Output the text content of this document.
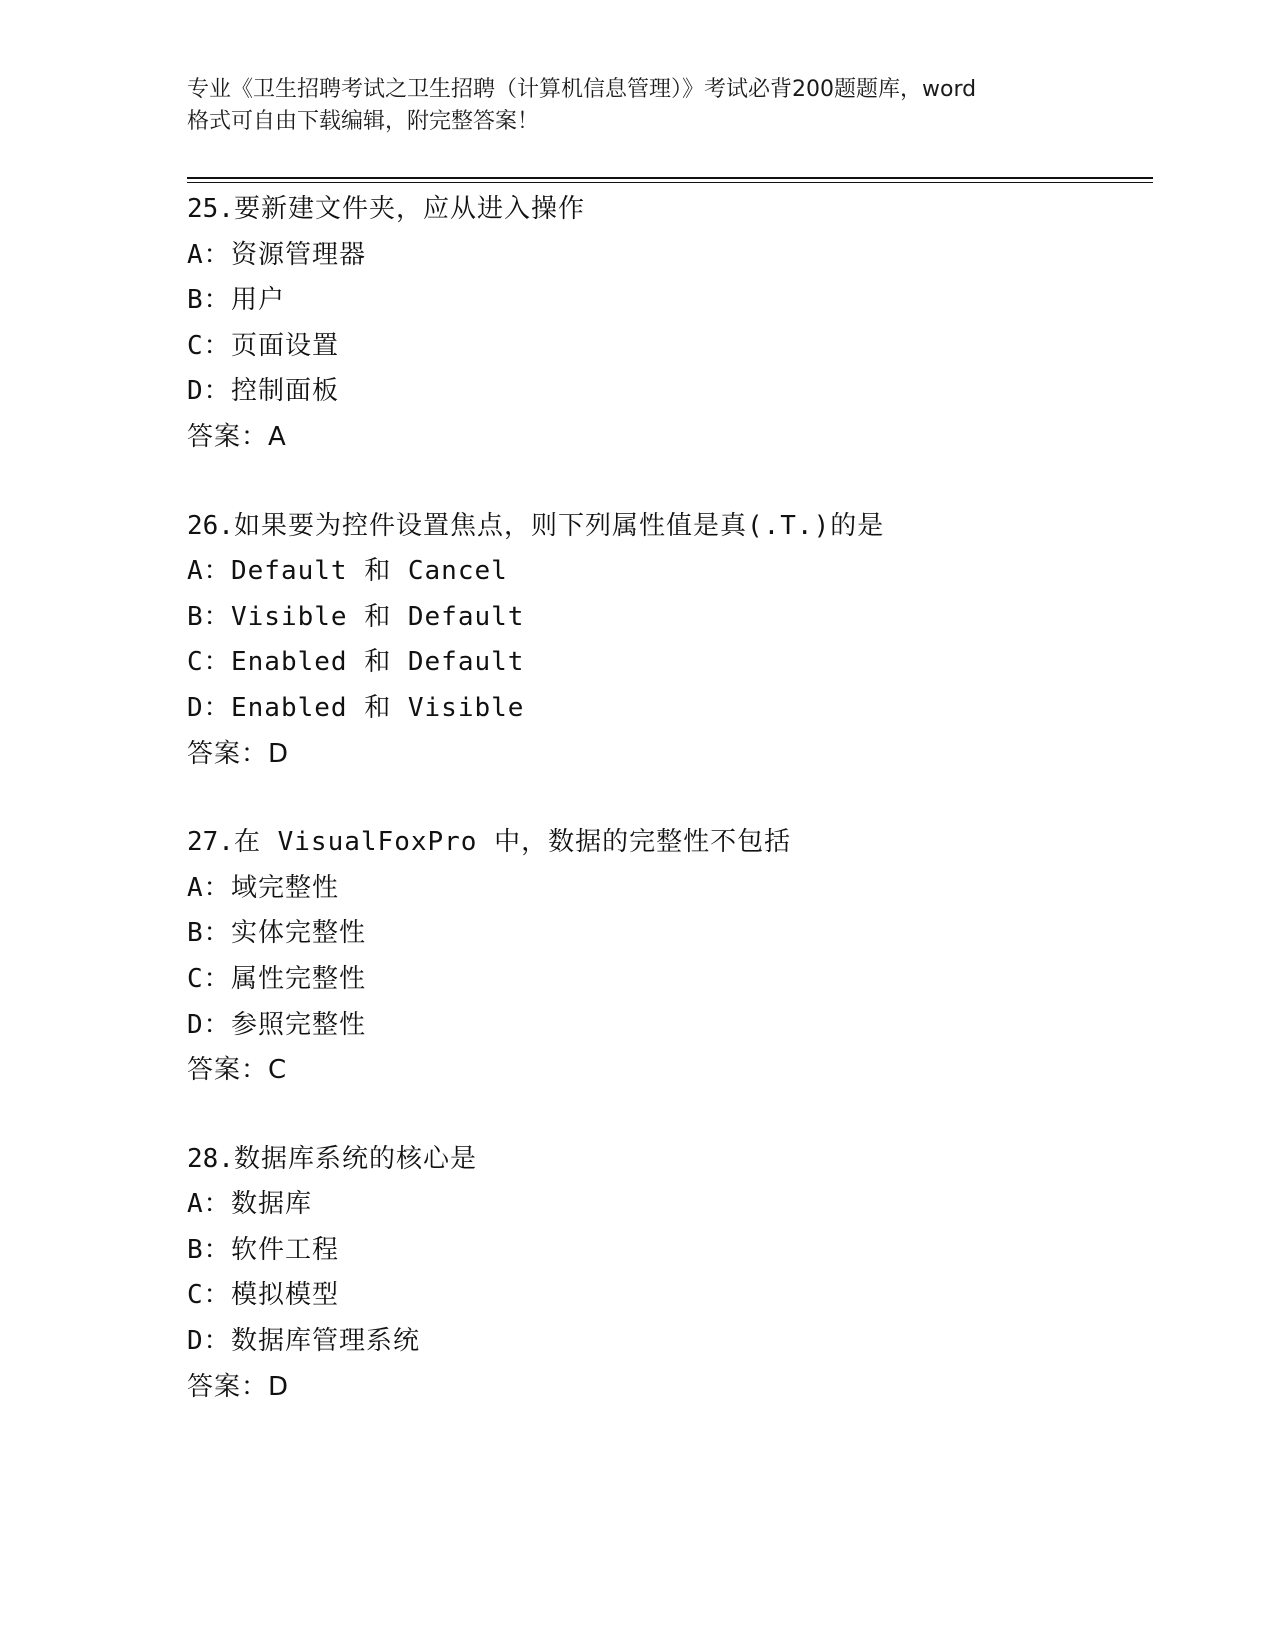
专业《卫生招聘考试之卫生招聘（计算机信息管理）》考试必背200题题库，word
格式可自由下载编辑，附完整答案！
25.要新建文件夹，应从进入操作
A：资源管理器
B：用户
C：页面设置
D：控制面板
答案：A
26.如果要为控件设置焦点，则下列属性值是真(.T.)的是
A：Default 和 Cancel
B：Visible 和 Default
C：Enabled 和 Default
D：Enabled 和 Visible
答案：D
27.在 VisualFoxPro 中，数据的完整性不包括
A：域完整性
B：实体完整性
C：属性完整性
D：参照完整性
答案：C
28.数据库系统的核心是
A：数据库
B：软件工程
C：模拟模型
D：数据库管理系统
答案：D
